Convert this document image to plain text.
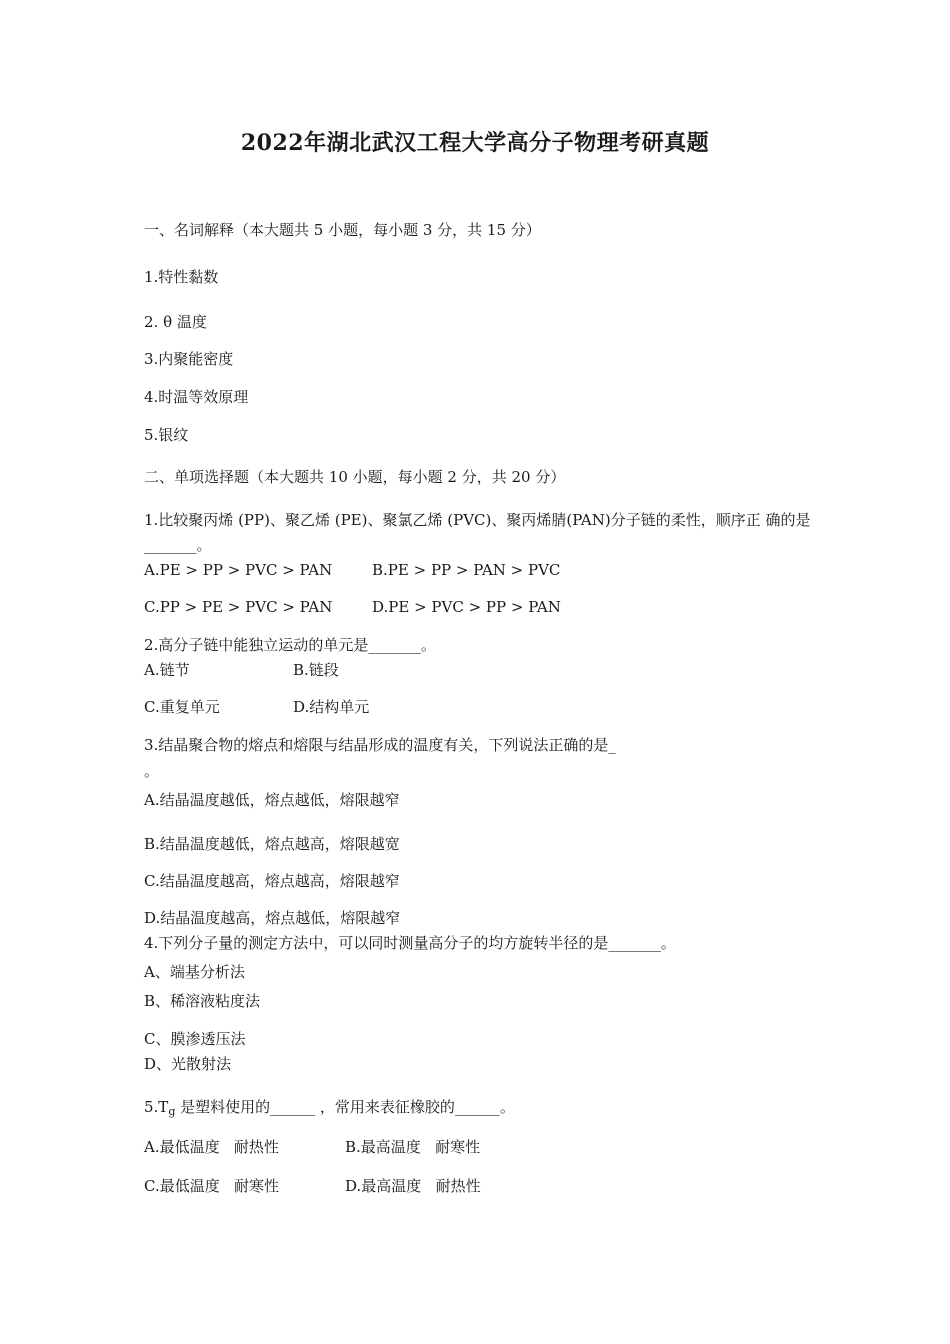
2022年湖北武汉工程大学高分子物理考研真题
一、名词解释（本大题共 5 小题，每小题 3 分，共 15 分）
1.特性黏数
2. θ 温度
3.内聚能密度
4.时温等效原理
5.银纹
二、单项选择题（本大题共 10 小题，每小题 2 分，共 20 分）
1.比较聚丙烯 (PP)、聚乙烯 (PE)、聚氯乙烯 (PVC)、聚丙烯腈(PAN)分子链的柔性，顺序正 确的是_______。
A.PE > PP > PVC > PAN	B.PE > PP > PAN > PVC
C.PP > PE > PVC > PAN	D.PE > PVC > PP > PAN
2.高分子链中能独立运动的单元是_______。
A.链节	B.链段
C.重复单元	D.结构单元
3.结晶聚合物的熔点和熔限与结晶形成的温度有关，下列说法正确的是_
。
A.结晶温度越低，熔点越低，熔限越窄
B.结晶温度越低，熔点越高，熔限越宽
C.结晶温度越高，熔点越高，熔限越窄
D.结晶温度越高，熔点越低，熔限越窄
4.下列分子量的测定方法中，可以同时测量高分子的均方旋转半径的是_______。
A、端基分析法
B、稀溶液粘度法
C、膜渗透压法
D、光散射法
$5.T_g$ 是塑料使用的______ ，常用来表征橡胶的______。
A.最低温度   耐热性	B.最高温度   耐寒性
C.最低温度   耐寒性	D.最高温度   耐热性
